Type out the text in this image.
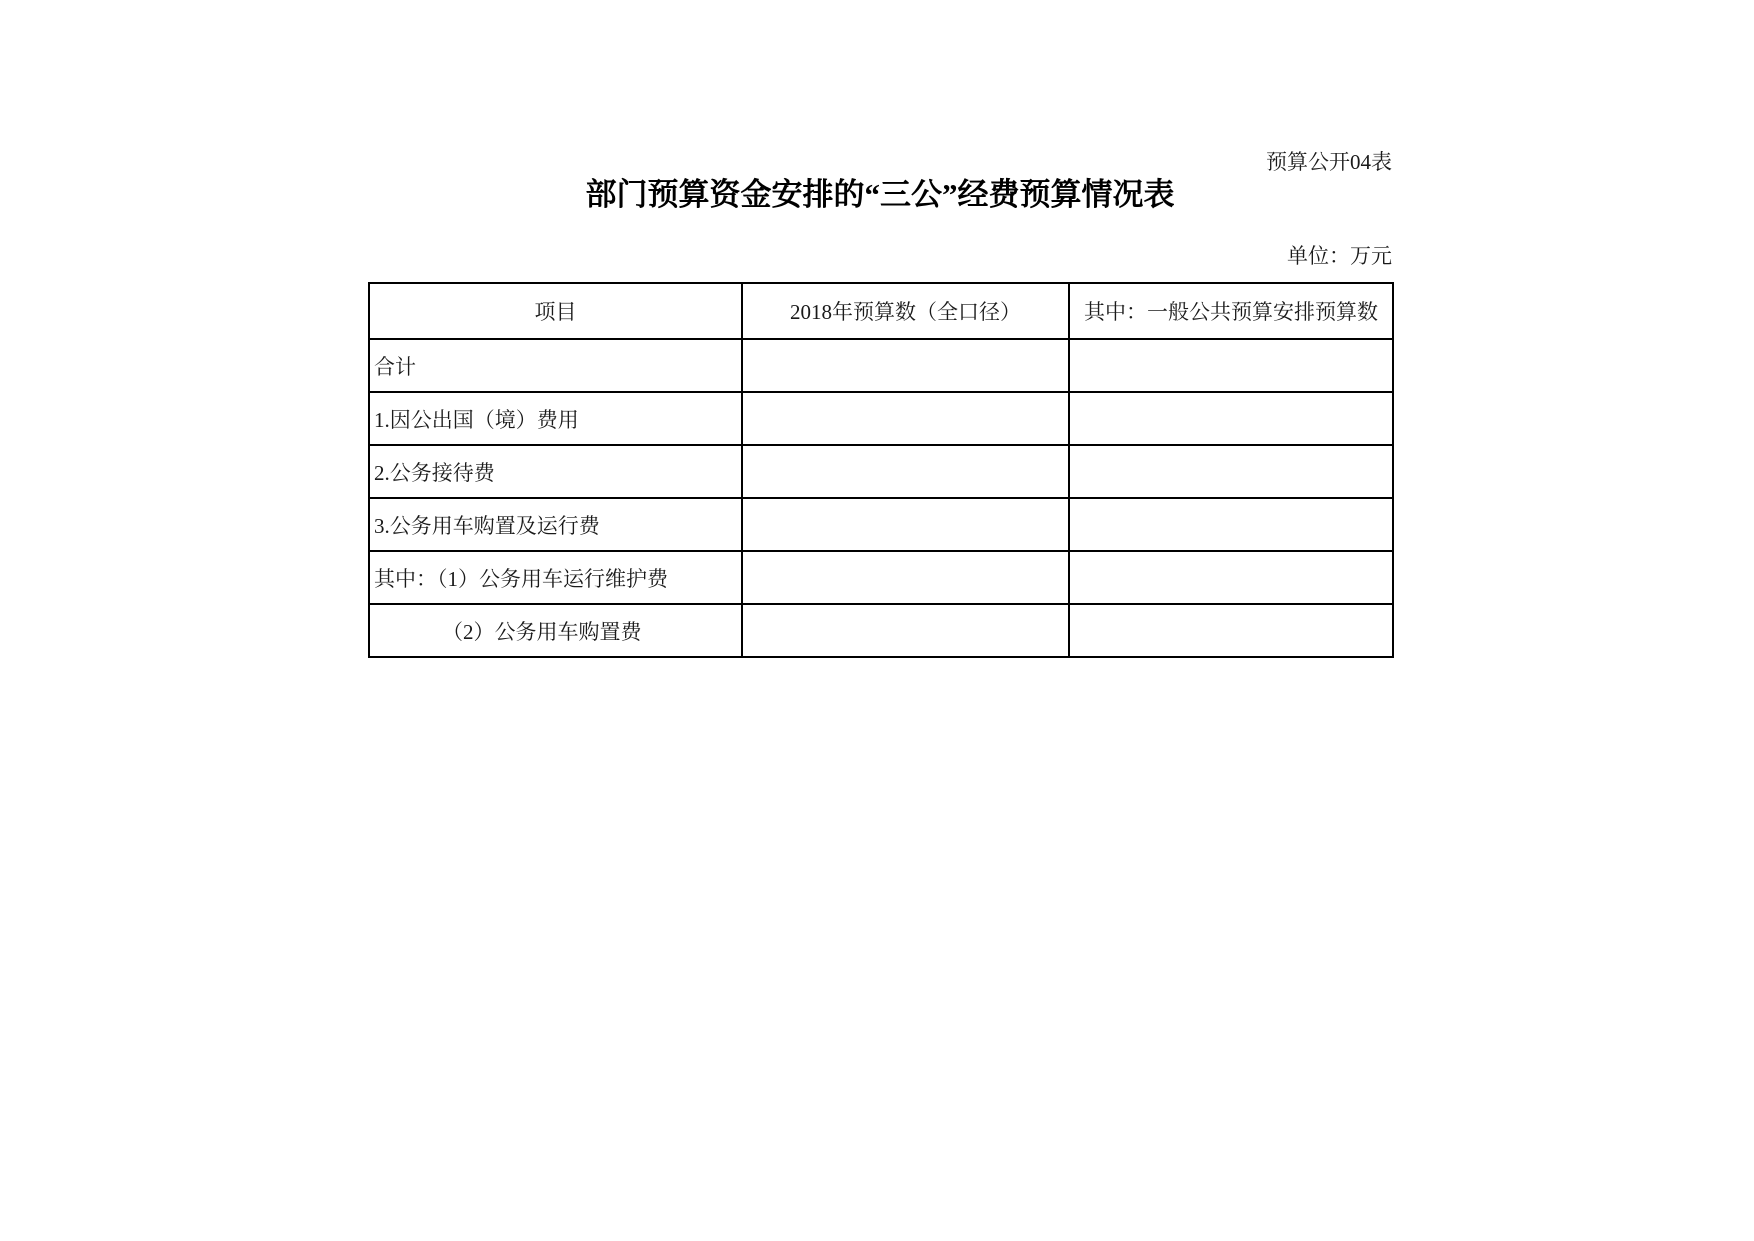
预算公开04表
部门预算资金安排的“三公”经费预算情况表
单位：万元
项目	2018年预算数（全口径）	其中：一般公共预算安排预算数
合计		
1.因公出国（境）费用		
2.公务接待费		
3.公务用车购置及运行费		
其中：（1）公务用车运行维护费		
（2）公务用车购置费		
